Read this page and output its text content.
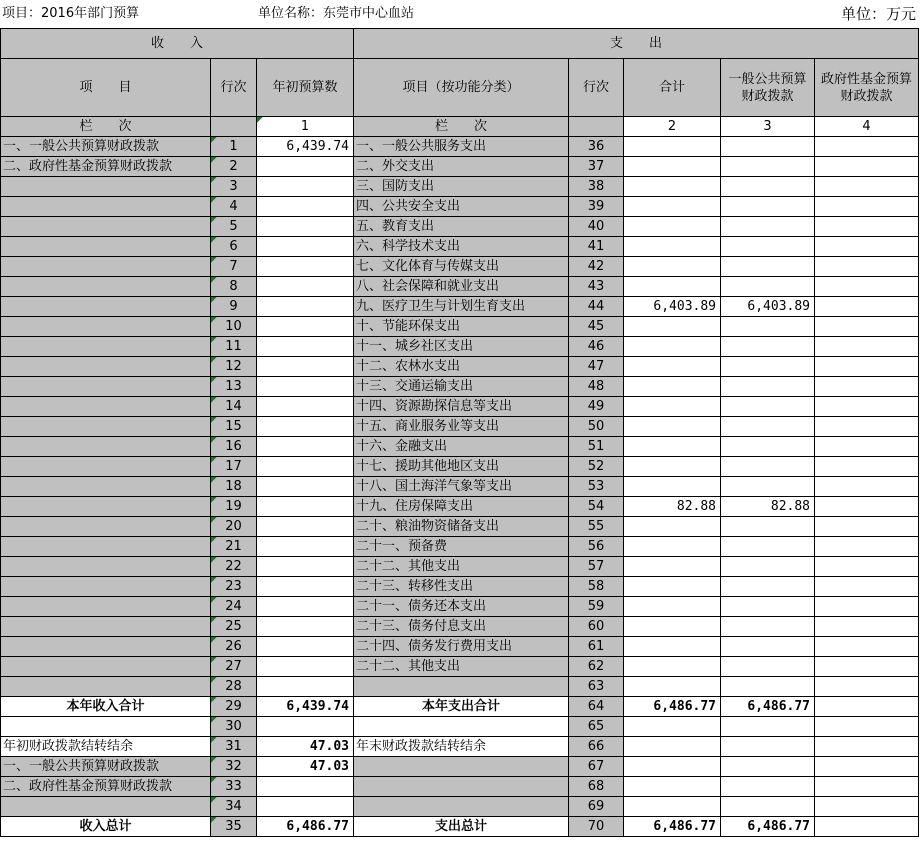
项目：2016年部门预算	单位名称：东莞市中心血站	单位：万元
收　　入			支　　出				
项　　目	行次	年初预算数	项目（按功能分类）	行次	合计	一般公共预算财政拨款	政府性基金预算财政拨款
栏　　次		1	栏　　次		2	3	4
一、一般公共预算财政拨款	1	6,439.74	一、一般公共服务支出	36			
二、政府性基金预算财政拨款	2		二、外交支出	37			
	3		三、国防支出	38			
	4		四、公共安全支出	39			
	5		五、教育支出	40			
	6		六、科学技术支出	41			
	7		七、文化体育与传媒支出	42			
	8		八、社会保障和就业支出	43			
	9		九、医疗卫生与计划生育支出	44	6,403.89	6,403.89	
	10		十、节能环保支出	45			
	11		十一、城乡社区支出	46			
	12		十二、农林水支出	47			
	13		十三、交通运输支出	48			
	14		十四、资源勘探信息等支出	49			
	15		十五、商业服务业等支出	50			
	16		十六、金融支出	51			
	17		十七、援助其他地区支出	52			
	18		十八、国土海洋气象等支出	53			
	19		十九、住房保障支出	54	82.88	82.88	
	20		二十、粮油物资储备支出	55			
	21		二十一、预备费	56			
	22		二十二、其他支出	57			
	23		二十三、转移性支出	58			
	24		二十一、债务还本支出	59			
	25		二十三、债务付息支出	60			
	26		二十四、债务发行费用支出	61			
	27		二十二、其他支出	62			
	28			63			
本年收入合计	29	6,439.74	本年支出合计	64	6,486.77	6,486.77	
	30			65			
年初财政拨款结转结余	31	47.03	年末财政拨款结转结余	66			
一、一般公共预算财政拨款	32	47.03		67			
二、政府性基金预算财政拨款	33			68			
	34			69			
收入总计	35	6,486.77	支出总计	70	6,486.77	6,486.77	
